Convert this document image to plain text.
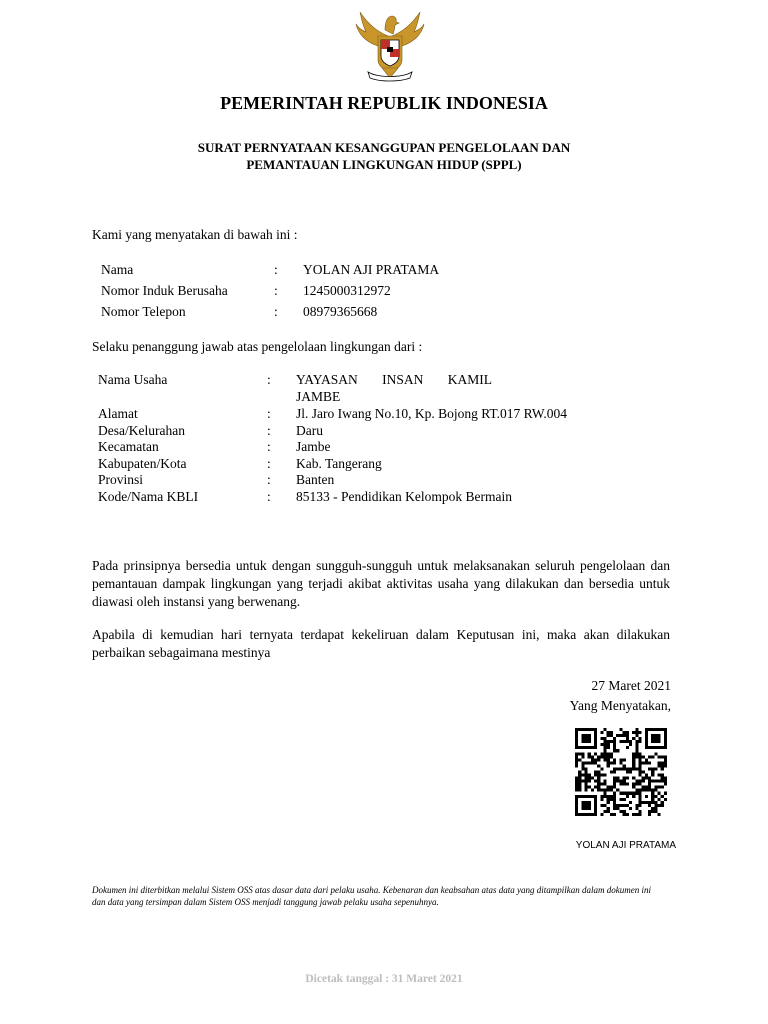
PEMERINTAH REPUBLIK INDONESIA
SURAT PERNYATAAN KESANGGUPAN PENGELOLAAN DAN
PEMANTAUAN LINGKUNGAN HIDUP (SPPL)
Kami yang menyatakan di bawah ini :
Nama	: YOLAN AJI PRATAMA
Nomor Induk Berusaha	: 1245000312972
Nomor Telepon	: 08979365668
Selaku penanggung jawab atas pengelolaan lingkungan dari :
Nama Usaha	: YAYASAN INSAN KAMIL
JAMBE
Alamat	: Jl. Jaro Iwang No.10, Kp. Bojong RT.017 RW.004
Desa/Kelurahan	: Daru
Kecamatan	: Jambe
Kabupaten/Kota	: Kab. Tangerang
Provinsi	: Banten
Kode/Nama KBLI	: 85133 - Pendidikan Kelompok Bermain
Pada prinsipnya bersedia untuk dengan sungguh-sungguh untuk melaksanakan seluruh pengelolaan dan pemantauan dampak lingkungan yang terjadi akibat aktivitas usaha yang dilakukan dan bersedia untuk diawasi oleh instansi yang berwenang.
Apabila di kemudian hari ternyata terdapat kekeliruan dalam Keputusan ini, maka akan dilakukan perbaikan sebagaimana mestinya
27 Maret 2021
Yang Menyatakan,
YOLAN AJI PRATAMA
Dokumen ini diterbitkan melalui Sistem OSS atas dasar data dari pelaku usaha. Kebenaran dan keabsahan atas data yang ditampilkan dalam dokumen ini dan data yang tersimpan dalam Sistem OSS menjadi tanggung jawab pelaku usaha sepenuhnya.
Dicetak tanggal : 31 Maret 2021
